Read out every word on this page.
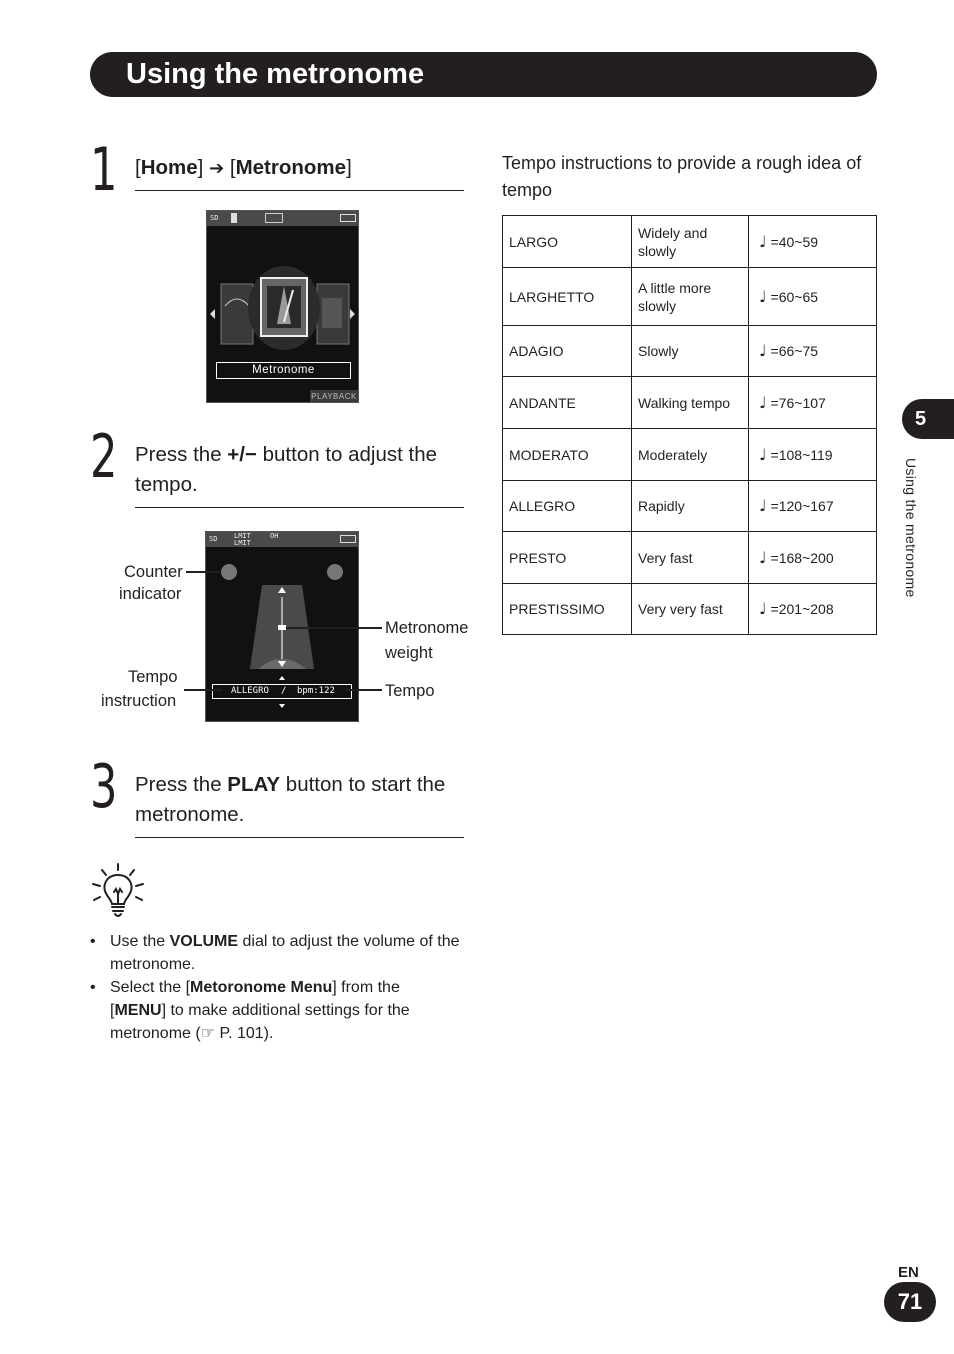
Using the metronome
1 [Home] ➔ [Metronome]
SD
Metronome
PLAYBACK
2 Press the +/− button to adjust the tempo.
SD LMIT
LMIT
OH
ALLEGRO / bpm:122
Counter
indicator
Metronome
weight
Tempo
instruction
Tempo
3 Press the PLAY button to start the metronome.
• Use the VOLUME dial to adjust the volume of the metronome.
• Select the [Metoronome Menu] from the [MENU] to make additional settings for the metronome (☞ P. 101).
Tempo instructions to provide a rough idea of tempo
LARGO	Widely and slowly	♩ =40~59
LARGHETTO	A little more slowly	♩ =60~65
ADAGIO	Slowly	♩ =66~75
ANDANTE	Walking tempo	♩ =76~107
MODERATO	Moderately	♩ =108~119
ALLEGRO	Rapidly	♩ =120~167
PRESTO	Very fast	♩ =168~200
PRESTISSIMO	Very very fast	♩ =201~208
5
Using the metronome
EN
71
